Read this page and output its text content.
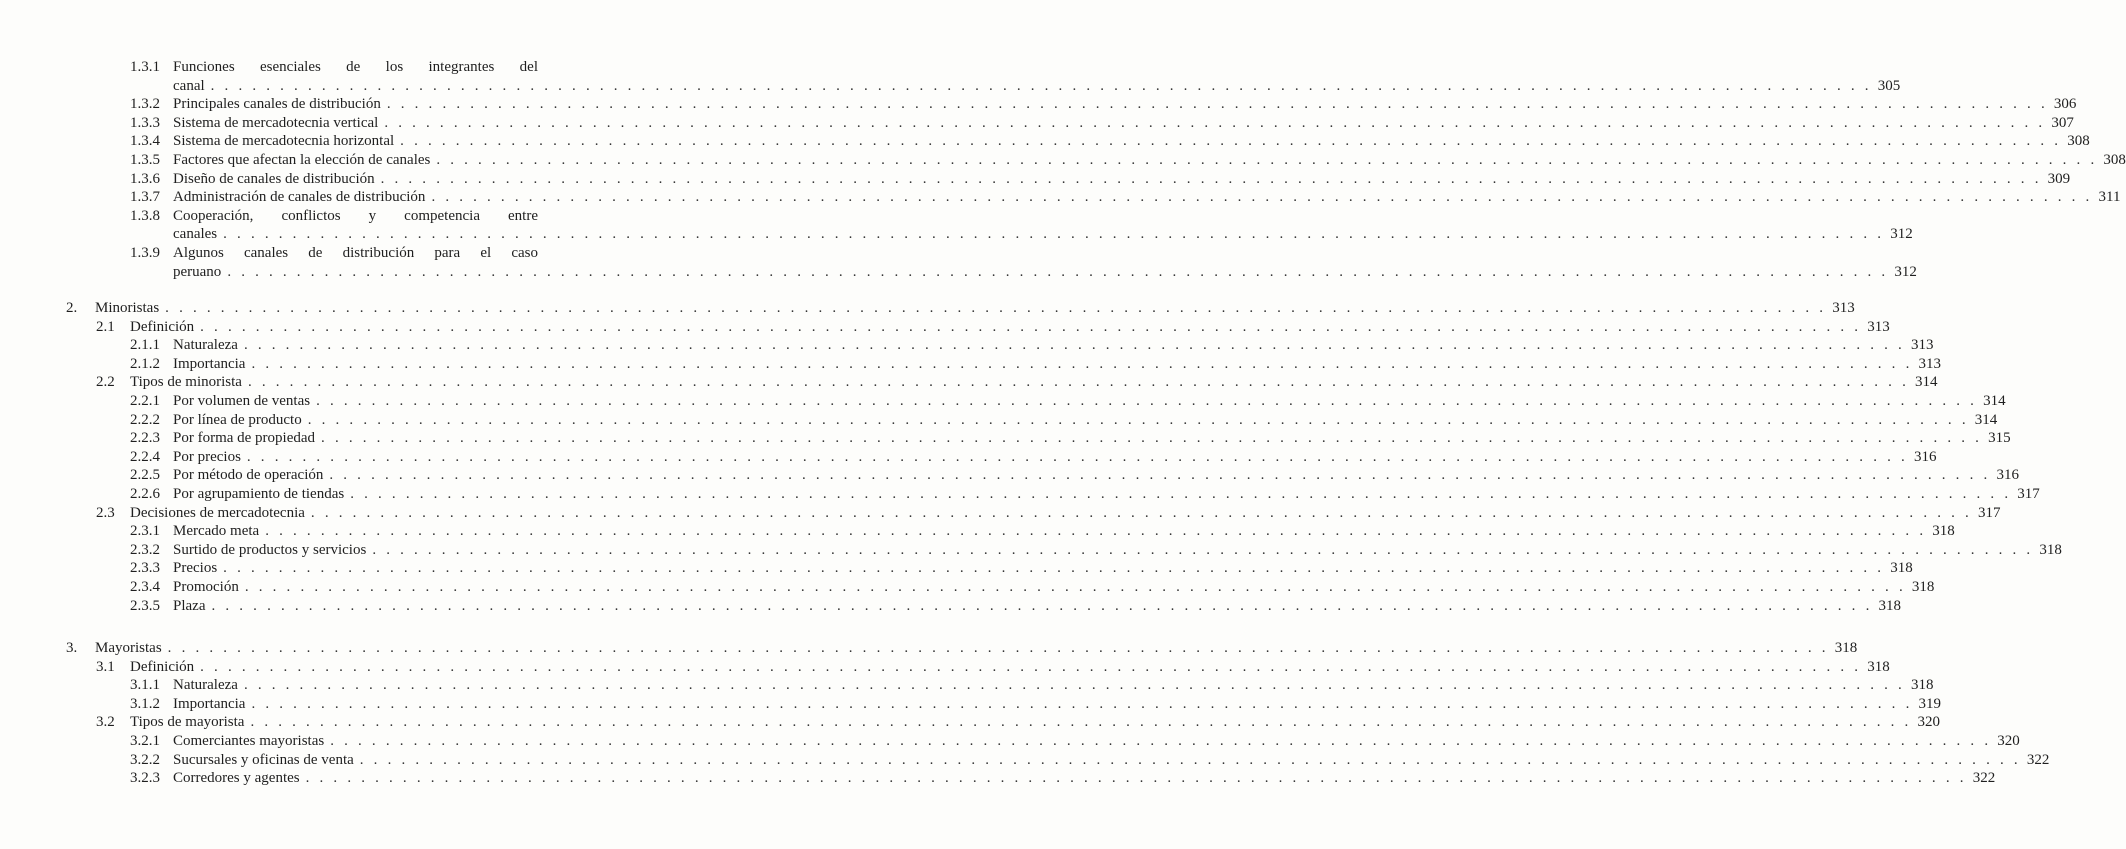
1.3.1 Funciones esenciales de los integrantes del
canal . . . . . . . . . . . . . . . . . . . . . . . . . . . . . . . . . . . . . . . . . . . . . . . . . . . . . . . . . . . . . . . . . . . . . . . . . . . . . . . . . . . . . . . . . . . . . . . . . . . . . . . . . . . . . . . . . . . . . . . . 305
1.3.2 Principales canales de distribución . . . . . . . . . . . . . . . . . . . . . . . . . . . . . . . . . . . . . . . . . . . . . . . . . . . . . . . . . . . . . . . . . . . . . . . . . . . . . . . . . . . . . . . . . . . . . . . . . . . . . . . . . . . . . . . . . . . . . . . . 306
1.3.3 Sistema de mercadotecnia vertical . . . . . . . . . . . . . . . . . . . . . . . . . . . . . . . . . . . . . . . . . . . . . . . . . . . . . . . . . . . . . . . . . . . . . . . . . . . . . . . . . . . . . . . . . . . . . . . . . . . . . . . . . . . . . . . . . . . . . . . . 307
1.3.4 Sistema de mercadotecnia horizontal . . . . . . . . . . . . . . . . . . . . . . . . . . . . . . . . . . . . . . . . . . . . . . . . . . . . . . . . . . . . . . . . . . . . . . . . . . . . . . . . . . . . . . . . . . . . . . . . . . . . . . . . . . . . . . . . . . . . . . . . 308
1.3.5 Factores que afectan la elección de canales . . . . . . . . . . . . . . . . . . . . . . . . . . . . . . . . . . . . . . . . . . . . . . . . . . . . . . . . . . . . . . . . . . . . . . . . . . . . . . . . . . . . . . . . . . . . . . . . . . . . . . . . . . . . . . . . . . . . . . . . 308
1.3.6 Diseño de canales de distribución . . . . . . . . . . . . . . . . . . . . . . . . . . . . . . . . . . . . . . . . . . . . . . . . . . . . . . . . . . . . . . . . . . . . . . . . . . . . . . . . . . . . . . . . . . . . . . . . . . . . . . . . . . . . . . . . . . . . . . . . 309
1.3.7 Administración de canales de distribución . . . . . . . . . . . . . . . . . . . . . . . . . . . . . . . . . . . . . . . . . . . . . . . . . . . . . . . . . . . . . . . . . . . . . . . . . . . . . . . . . . . . . . . . . . . . . . . . . . . . . . . . . . . . . . . . . . . . . . . . 311
1.3.8 Cooperación, conflictos y competencia entre
canales . . . . . . . . . . . . . . . . . . . . . . . . . . . . . . . . . . . . . . . . . . . . . . . . . . . . . . . . . . . . . . . . . . . . . . . . . . . . . . . . . . . . . . . . . . . . . . . . . . . . . . . . . . . . . . . . . . . . . . . . 312
1.3.9 Algunos canales de distribución para el caso
peruano . . . . . . . . . . . . . . . . . . . . . . . . . . . . . . . . . . . . . . . . . . . . . . . . . . . . . . . . . . . . . . . . . . . . . . . . . . . . . . . . . . . . . . . . . . . . . . . . . . . . . . . . . . . . . . . . . . . . . . . . 312
2. Minoristas . . . . . . . . . . . . . . . . . . . . . . . . . . . . . . . . . . . . . . . . . . . . . . . . . . . . . . . . . . . . . . . . . . . . . . . . . . . . . . . . . . . . . . . . . . . . . . . . . . . . . . . . . . . . . . . . . . . . . . . . 313
2.1 Definición . . . . . . . . . . . . . . . . . . . . . . . . . . . . . . . . . . . . . . . . . . . . . . . . . . . . . . . . . . . . . . . . . . . . . . . . . . . . . . . . . . . . . . . . . . . . . . . . . . . . . . . . . . . . . . . . . . . . . . . . 313
2.1.1 Naturaleza . . . . . . . . . . . . . . . . . . . . . . . . . . . . . . . . . . . . . . . . . . . . . . . . . . . . . . . . . . . . . . . . . . . . . . . . . . . . . . . . . . . . . . . . . . . . . . . . . . . . . . . . . . . . . . . . . . . . . . . . 313
2.1.2 Importancia . . . . . . . . . . . . . . . . . . . . . . . . . . . . . . . . . . . . . . . . . . . . . . . . . . . . . . . . . . . . . . . . . . . . . . . . . . . . . . . . . . . . . . . . . . . . . . . . . . . . . . . . . . . . . . . . . . . . . . . . 313
2.2 Tipos de minorista . . . . . . . . . . . . . . . . . . . . . . . . . . . . . . . . . . . . . . . . . . . . . . . . . . . . . . . . . . . . . . . . . . . . . . . . . . . . . . . . . . . . . . . . . . . . . . . . . . . . . . . . . . . . . . . . . . . . . . . . 314
2.2.1 Por volumen de ventas . . . . . . . . . . . . . . . . . . . . . . . . . . . . . . . . . . . . . . . . . . . . . . . . . . . . . . . . . . . . . . . . . . . . . . . . . . . . . . . . . . . . . . . . . . . . . . . . . . . . . . . . . . . . . . . . . . . . . . . . 314
2.2.2 Por línea de producto . . . . . . . . . . . . . . . . . . . . . . . . . . . . . . . . . . . . . . . . . . . . . . . . . . . . . . . . . . . . . . . . . . . . . . . . . . . . . . . . . . . . . . . . . . . . . . . . . . . . . . . . . . . . . . . . . . . . . . . . 314
2.2.3 Por forma de propiedad . . . . . . . . . . . . . . . . . . . . . . . . . . . . . . . . . . . . . . . . . . . . . . . . . . . . . . . . . . . . . . . . . . . . . . . . . . . . . . . . . . . . . . . . . . . . . . . . . . . . . . . . . . . . . . . . . . . . . . . . 315
2.2.4 Por precios . . . . . . . . . . . . . . . . . . . . . . . . . . . . . . . . . . . . . . . . . . . . . . . . . . . . . . . . . . . . . . . . . . . . . . . . . . . . . . . . . . . . . . . . . . . . . . . . . . . . . . . . . . . . . . . . . . . . . . . . 316
2.2.5 Por método de operación . . . . . . . . . . . . . . . . . . . . . . . . . . . . . . . . . . . . . . . . . . . . . . . . . . . . . . . . . . . . . . . . . . . . . . . . . . . . . . . . . . . . . . . . . . . . . . . . . . . . . . . . . . . . . . . . . . . . . . . . 316
2.2.6 Por agrupamiento de tiendas . . . . . . . . . . . . . . . . . . . . . . . . . . . . . . . . . . . . . . . . . . . . . . . . . . . . . . . . . . . . . . . . . . . . . . . . . . . . . . . . . . . . . . . . . . . . . . . . . . . . . . . . . . . . . . . . . . . . . . . . 317
2.3 Decisiones de mercadotecnia . . . . . . . . . . . . . . . . . . . . . . . . . . . . . . . . . . . . . . . . . . . . . . . . . . . . . . . . . . . . . . . . . . . . . . . . . . . . . . . . . . . . . . . . . . . . . . . . . . . . . . . . . . . . . . . . . . . . . . . . 317
2.3.1 Mercado meta . . . . . . . . . . . . . . . . . . . . . . . . . . . . . . . . . . . . . . . . . . . . . . . . . . . . . . . . . . . . . . . . . . . . . . . . . . . . . . . . . . . . . . . . . . . . . . . . . . . . . . . . . . . . . . . . . . . . . . . . 318
2.3.2 Surtido de productos y servicios . . . . . . . . . . . . . . . . . . . . . . . . . . . . . . . . . . . . . . . . . . . . . . . . . . . . . . . . . . . . . . . . . . . . . . . . . . . . . . . . . . . . . . . . . . . . . . . . . . . . . . . . . . . . . . . . . . . . . . . . 318
2.3.3 Precios . . . . . . . . . . . . . . . . . . . . . . . . . . . . . . . . . . . . . . . . . . . . . . . . . . . . . . . . . . . . . . . . . . . . . . . . . . . . . . . . . . . . . . . . . . . . . . . . . . . . . . . . . . . . . . . . . . . . . . . . 318
2.3.4 Promoción . . . . . . . . . . . . . . . . . . . . . . . . . . . . . . . . . . . . . . . . . . . . . . . . . . . . . . . . . . . . . . . . . . . . . . . . . . . . . . . . . . . . . . . . . . . . . . . . . . . . . . . . . . . . . . . . . . . . . . . . 318
2.3.5 Plaza . . . . . . . . . . . . . . . . . . . . . . . . . . . . . . . . . . . . . . . . . . . . . . . . . . . . . . . . . . . . . . . . . . . . . . . . . . . . . . . . . . . . . . . . . . . . . . . . . . . . . . . . . . . . . . . . . . . . . . . . 318
3. Mayoristas . . . . . . . . . . . . . . . . . . . . . . . . . . . . . . . . . . . . . . . . . . . . . . . . . . . . . . . . . . . . . . . . . . . . . . . . . . . . . . . . . . . . . . . . . . . . . . . . . . . . . . . . . . . . . . . . . . . . . . . . 318
3.1 Definición . . . . . . . . . . . . . . . . . . . . . . . . . . . . . . . . . . . . . . . . . . . . . . . . . . . . . . . . . . . . . . . . . . . . . . . . . . . . . . . . . . . . . . . . . . . . . . . . . . . . . . . . . . . . . . . . . . . . . . . . 318
3.1.1 Naturaleza . . . . . . . . . . . . . . . . . . . . . . . . . . . . . . . . . . . . . . . . . . . . . . . . . . . . . . . . . . . . . . . . . . . . . . . . . . . . . . . . . . . . . . . . . . . . . . . . . . . . . . . . . . . . . . . . . . . . . . . . 318
3.1.2 Importancia . . . . . . . . . . . . . . . . . . . . . . . . . . . . . . . . . . . . . . . . . . . . . . . . . . . . . . . . . . . . . . . . . . . . . . . . . . . . . . . . . . . . . . . . . . . . . . . . . . . . . . . . . . . . . . . . . . . . . . . . 319
3.2 Tipos de mayorista . . . . . . . . . . . . . . . . . . . . . . . . . . . . . . . . . . . . . . . . . . . . . . . . . . . . . . . . . . . . . . . . . . . . . . . . . . . . . . . . . . . . . . . . . . . . . . . . . . . . . . . . . . . . . . . . . . . . . . . . 320
3.2.1 Comerciantes mayoristas . . . . . . . . . . . . . . . . . . . . . . . . . . . . . . . . . . . . . . . . . . . . . . . . . . . . . . . . . . . . . . . . . . . . . . . . . . . . . . . . . . . . . . . . . . . . . . . . . . . . . . . . . . . . . . . . . . . . . . . . 320
3.2.2 Sucursales y oficinas de venta . . . . . . . . . . . . . . . . . . . . . . . . . . . . . . . . . . . . . . . . . . . . . . . . . . . . . . . . . . . . . . . . . . . . . . . . . . . . . . . . . . . . . . . . . . . . . . . . . . . . . . . . . . . . . . . . . . . . . . . . 322
3.2.3 Corredores y agentes . . . . . . . . . . . . . . . . . . . . . . . . . . . . . . . . . . . . . . . . . . . . . . . . . . . . . . . . . . . . . . . . . . . . . . . . . . . . . . . . . . . . . . . . . . . . . . . . . . . . . . . . . . . . . . . . . . . . . . . . 322
